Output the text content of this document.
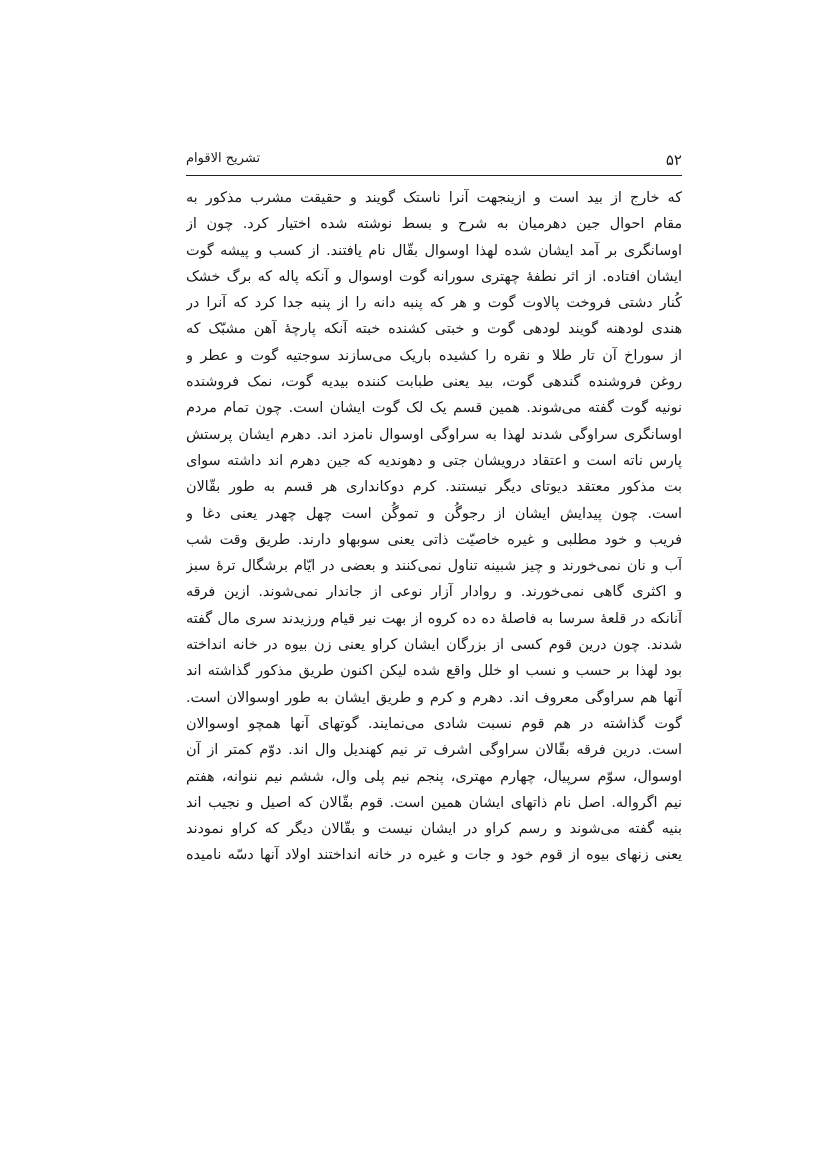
۵۲
تشریح الاقوام
که خارج از بید است و ازینجهت آنرا ناستک گویند و حقیقت مشرب مذکور به
مقام احوال جین دهرمیان به شرح و بسط نوشته شده اختیار کرد. چون از
اوسانگری بر آمد ایشان شده لهذا اوسوال بقّال نام یافتند. از کسب و پیشه گوت
ایشان افتاده. از اثر نطفهٔ چهتری سورانه گوت اوسوال و آنکه پاله که برگ خشک
کُنار دشتی فروخت پالاوت گوت و هر که پنبه دانه را از پنبه جدا کرد که آنرا در
هندی لودهنه گویند لودهی گوت و خبتی کشنده خبته آنکه پارچهٔ آهن مشبّک که
از سوراخ آن تار طلا و نقره را کشیده باریک می‌سازند سوجتیه گوت و عطر و
روغن فروشنده گندهی گوت، بید یعنی طبابت کننده بیدیه گوت، نمک فروشنده
نونیه گوت گفته می‌شوند. همین قسم یک لک گوت ایشان است. چون تمام مردم
اوسانگری سراوگی شدند لهذا به سراوگی اوسوال نامزد اند. دهرم ایشان پرستش
پارس ناته است و اعتقاد درویشان جتی و دهوندیه که جین دهرم اند داشته سوای
بت مذکور معتقد دیوتای دیگر نیستند. کرم دوکانداری هر قسم به طور بقّالان
است. چون پیدایش ایشان از رجوگُن و تموگُن است چهل چهدر یعنی دغا و
فریب و خود مطلبی و غیره خاصیّت ذاتی یعنی سوبهاو دارند. طریق وقت شب
آب و نان نمی‌خورند و چیز شبینه تناول نمی‌کنند و بعضی در ایّام برشگال ترهٔ سبز
و اکثری گاهی نمی‌خورند. و روادار آزار نوعی از جاندار نمی‌شوند. ازین فرقه
آنانکه در قلعهٔ سرسا به فاصلهٔ ده ده کروه از بهت نیر قیام ورزیدند سری مال گفته
شدند. چون درین قوم کسی از بزرگان ایشان کراو یعنی زن بیوه در خانه انداخته
بود لهذا بر حسب و نسب او خلل واقع شده لیکن اکنون طریق مذکور گذاشته اند
آنها هم سراوگی معروف اند. دهرم و کرم و طریق ایشان به طور اوسوالان است.
گوت گذاشته در هم قوم نسبت شادی می‌نمایند. گوتهای آنها همچو اوسوالان
است. درین فرقه بقّالان سراوگی اشرف تر نیم کهندیل وال اند. دوّم کمتر از آن
اوسوال، سوّم سرپیال، چهارم مهتری، پنجم نیم پلی وال، ششم نیم ننوانه، هفتم
نیم اگرواله. اصل نام ذاتهای ایشان همین است. قوم بقّالان که اصیل و نجیب اند
بنیه گفته می‌شوند و رسم کراو در ایشان نیست و بقّالان دیگر که کراو نمودند
یعنی زنهای بیوه از قوم خود و جات و غیره در خانه انداختند اولاد آنها دسّه نامیده
